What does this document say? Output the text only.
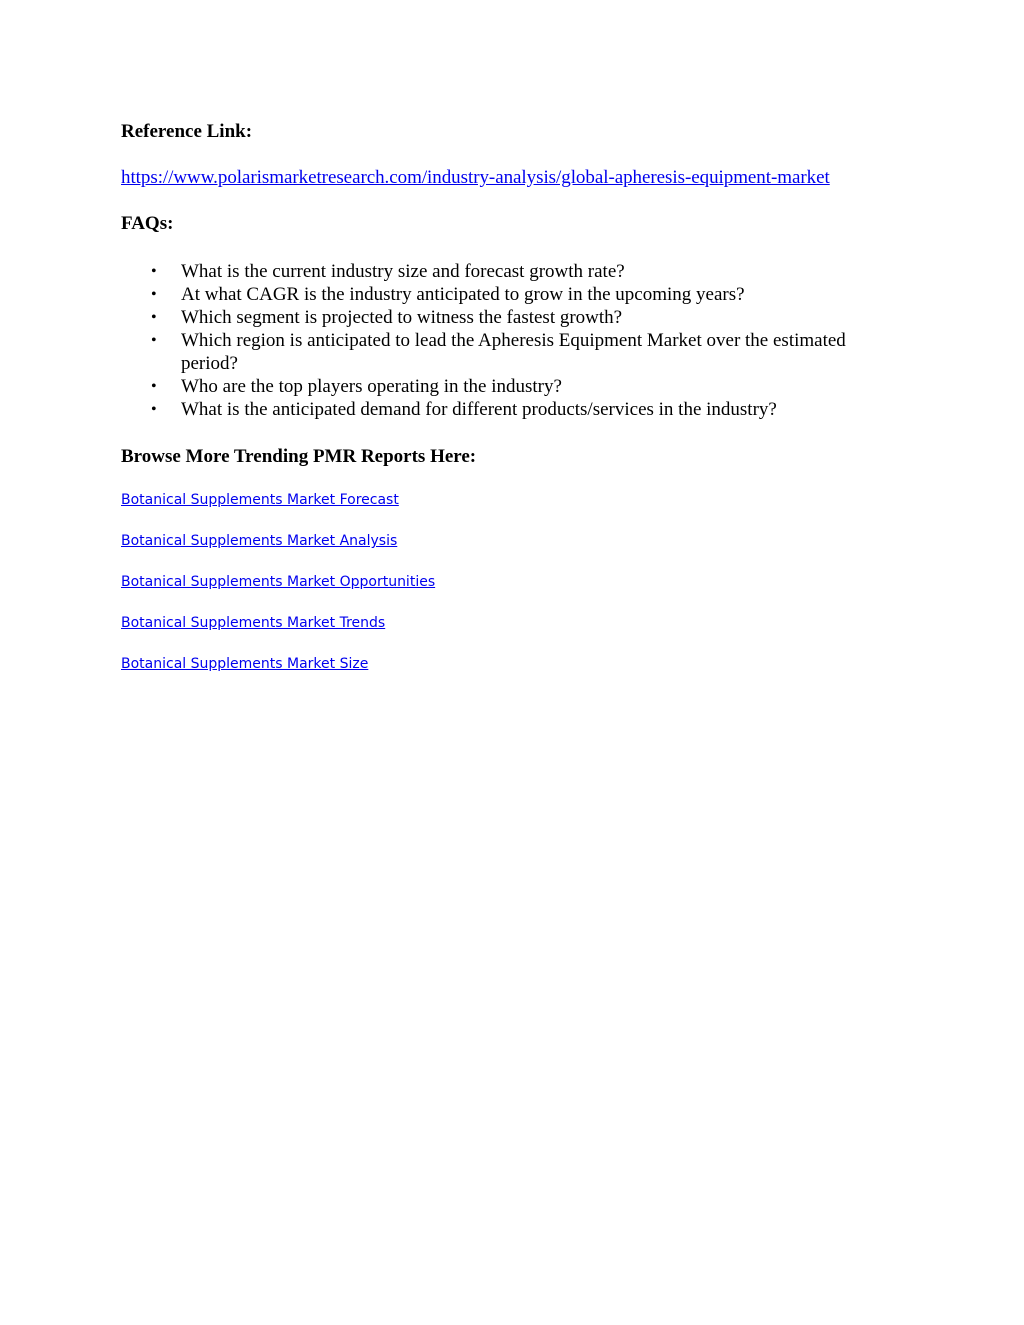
Reference Link:

https://www.polarismarketresearch.com/industry-analysis/global-apheresis-equipment-market

FAQs:

• What is the current industry size and forecast growth rate?
• At what CAGR is the industry anticipated to grow in the upcoming years?
• Which segment is projected to witness the fastest growth?
• Which region is anticipated to lead the Apheresis Equipment Market over the estimated period?
• Who are the top players operating in the industry?
• What is the anticipated demand for different products/services in the industry?

Browse More Trending PMR Reports Here:

Botanical Supplements Market Forecast
Botanical Supplements Market Analysis
Botanical Supplements Market Opportunities
Botanical Supplements Market Trends
Botanical Supplements Market Size
